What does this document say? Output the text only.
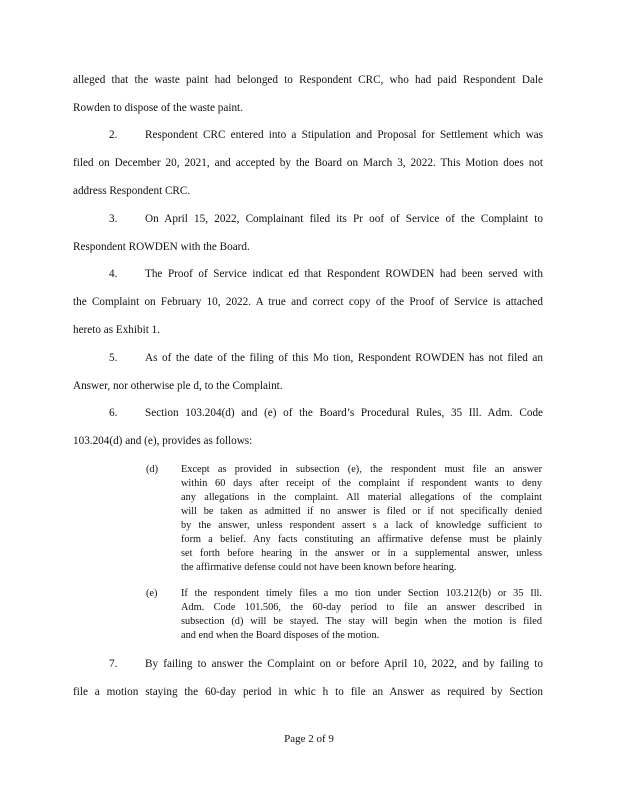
alleged that the waste paint had belonged to Respondent CRC, who had paid Respondent Dale
Rowden to dispose of the waste paint.
2. Respondent CRC entered into a Stipulation and Proposal for Settlement which was
filed on December 20, 2021, and accepted by the Board on March 3, 2022. This Motion does not
address Respondent CRC.
3. On April 15, 2022, Complainant filed its Pr oof of Service of the Complaint to
Respondent ROWDEN with the Board.
4. The Proof of Service indicat ed that Respondent ROWDEN had been served with
the Complaint on February 10, 2022. A true and correct copy of the Proof of Service is attached
hereto as Exhibit 1.
5. As of the date of the filing of this Mo tion, Respondent ROWDEN has not filed an
Answer, nor otherwise ple d, to the Complaint.
6. Section 103.204(d) and (e) of the Board’s Procedural Rules, 35 Ill. Adm. Code
103.204(d) and (e), provides as follows:
(d) Except as provided in subsection (e), the respondent must file an answer
within 60 days after receipt of the complaint if respondent wants to deny
any allegations in the complaint. All material allegations of the complaint
will be taken as admitted if no answer is filed or if not specifically denied
by the answer, unless respondent assert s a lack of knowledge sufficient to
form a belief. Any facts constituting an affirmative defense must be plainly
set forth before hearing in the answer or in a supplemental answer, unless
the affirmative defense could not have been known before hearing.
(e) If the respondent timely files a mo tion under Section 103.212(b) or 35 Ill.
Adm. Code 101.506, the 60-day period to file an answer described in
subsection (d) will be stayed. The stay will begin when the motion is filed
and end when the Board disposes of the motion.
7. By failing to answer the Complaint on or before April 10, 2022, and by failing to
file a motion staying the 60-day period in whic h to file an Answer as required by Section
Page 2 of 9
